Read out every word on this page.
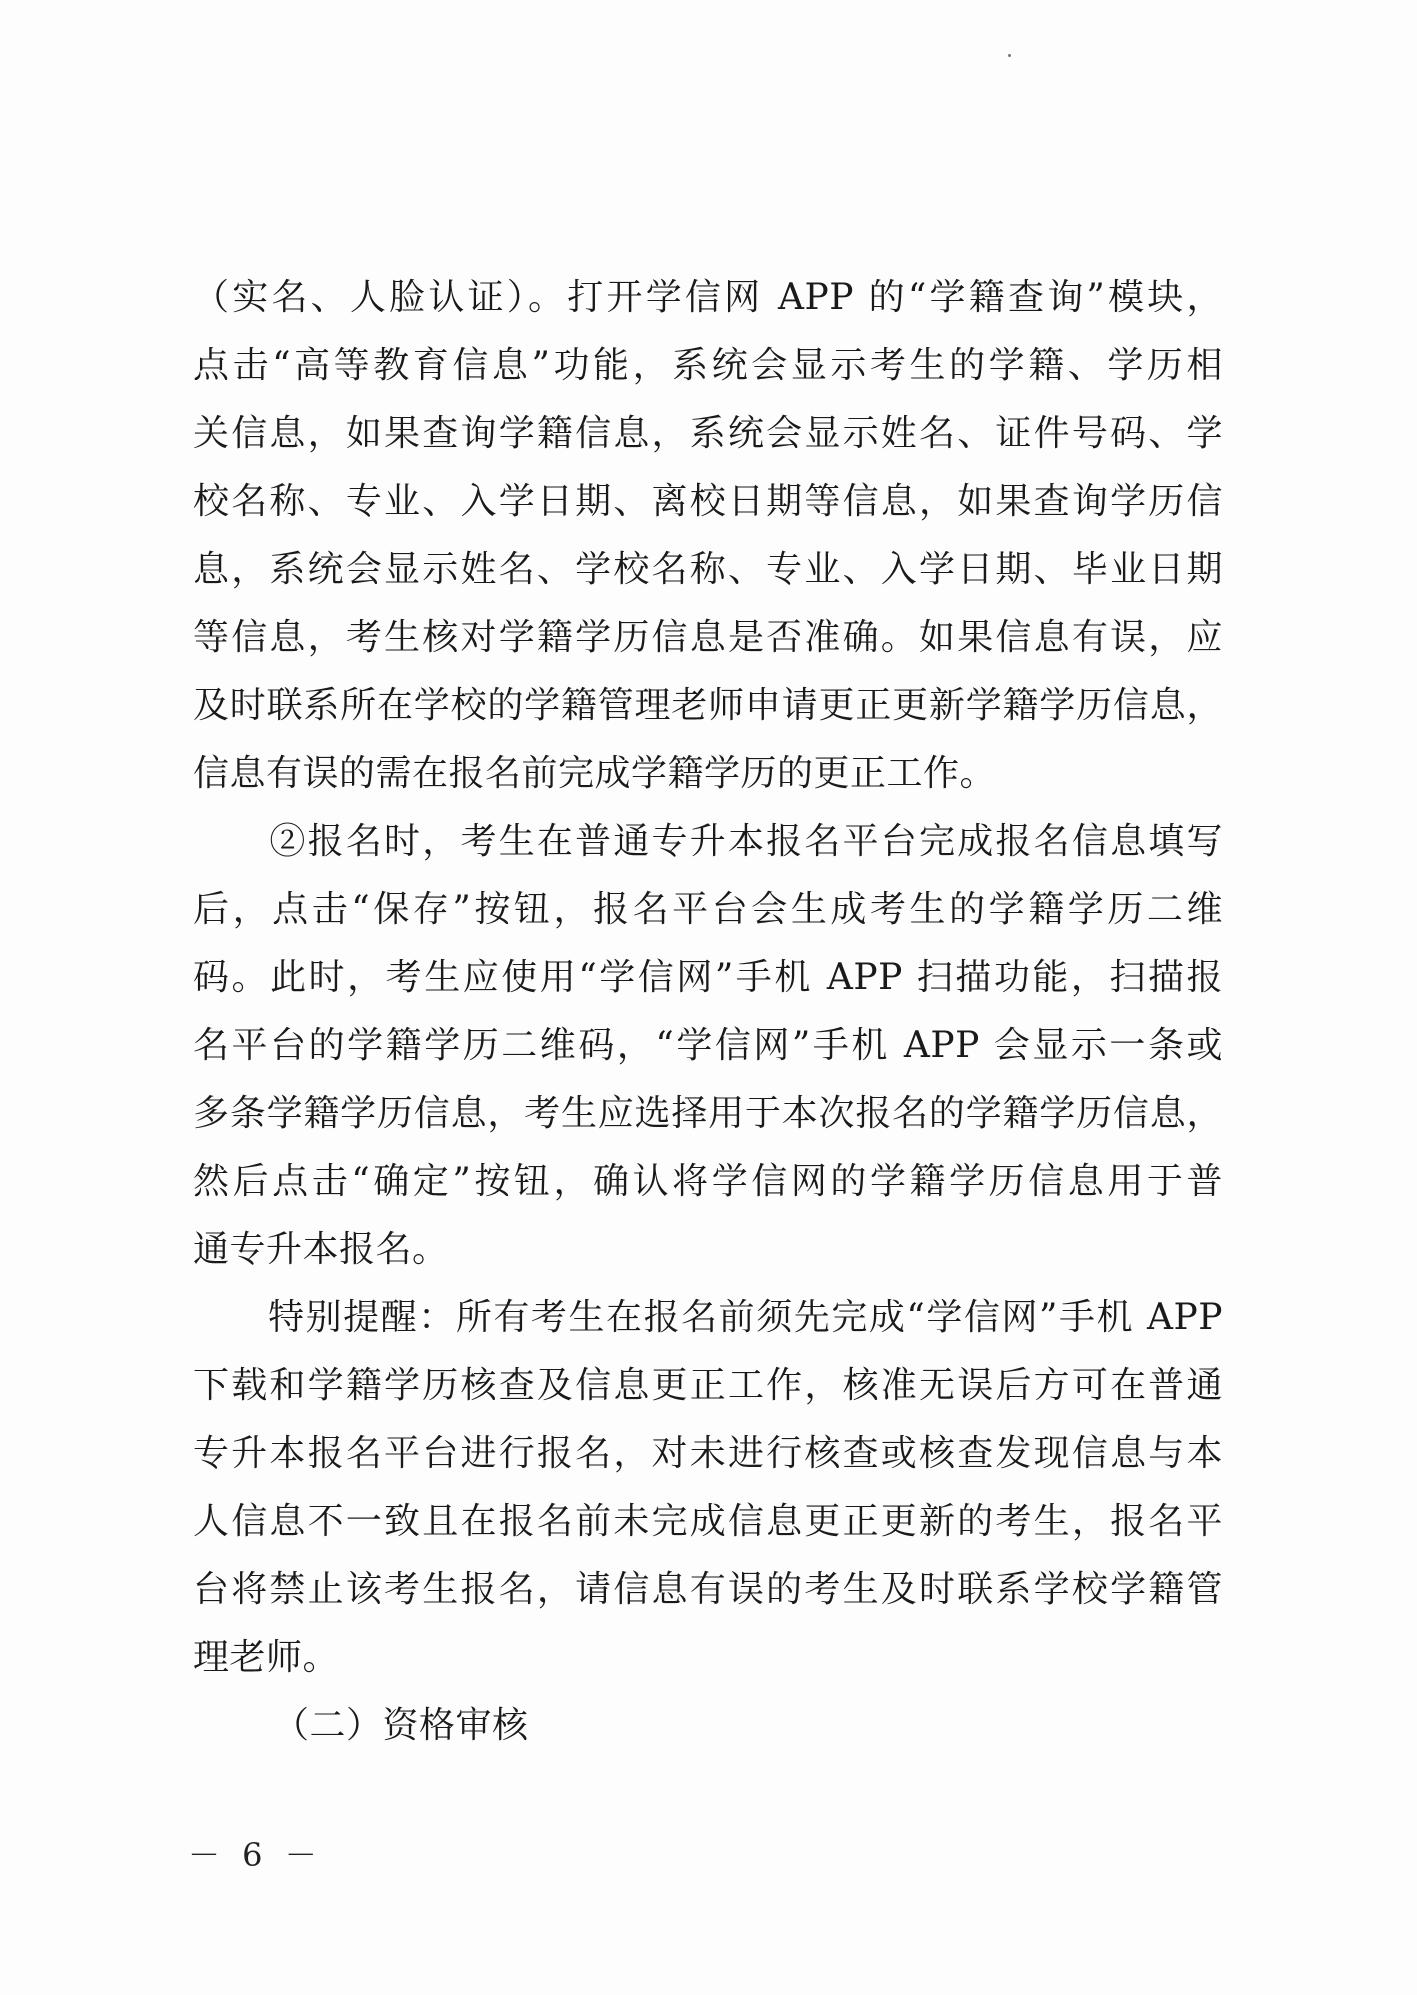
（实名、人脸认证）。打开学信网 APP 的“学籍查询”模块，
点击“高等教育信息”功能，系统会显示考生的学籍、学历相
关信息，如果查询学籍信息，系统会显示姓名、证件号码、学
校名称、专业、入学日期、离校日期等信息，如果查询学历信
息，系统会显示姓名、学校名称、专业、入学日期、毕业日期
等信息，考生核对学籍学历信息是否准确。如果信息有误，应
及时联系所在学校的学籍管理老师申请更正更新学籍学历信息，
信息有误的需在报名前完成学籍学历的更正工作。
　　②报名时，考生在普通专升本报名平台完成报名信息填写
后，点击“保存”按钮，报名平台会生成考生的学籍学历二维
码。此时，考生应使用“学信网”手机 APP 扫描功能，扫描报
名平台的学籍学历二维码，“学信网”手机 APP 会显示一条或
多条学籍学历信息，考生应选择用于本次报名的学籍学历信息，
然后点击“确定”按钮，确认将学信网的学籍学历信息用于普
通专升本报名。
　　特别提醒：所有考生在报名前须先完成“学信网”手机 APP
下载和学籍学历核查及信息更正工作，核准无误后方可在普通
专升本报名平台进行报名，对未进行核查或核查发现信息与本
人信息不一致且在报名前未完成信息更正更新的考生，报名平
台将禁止该考生报名，请信息有误的考生及时联系学校学籍管
理老师。
（二）资格审核
－ 6 －
